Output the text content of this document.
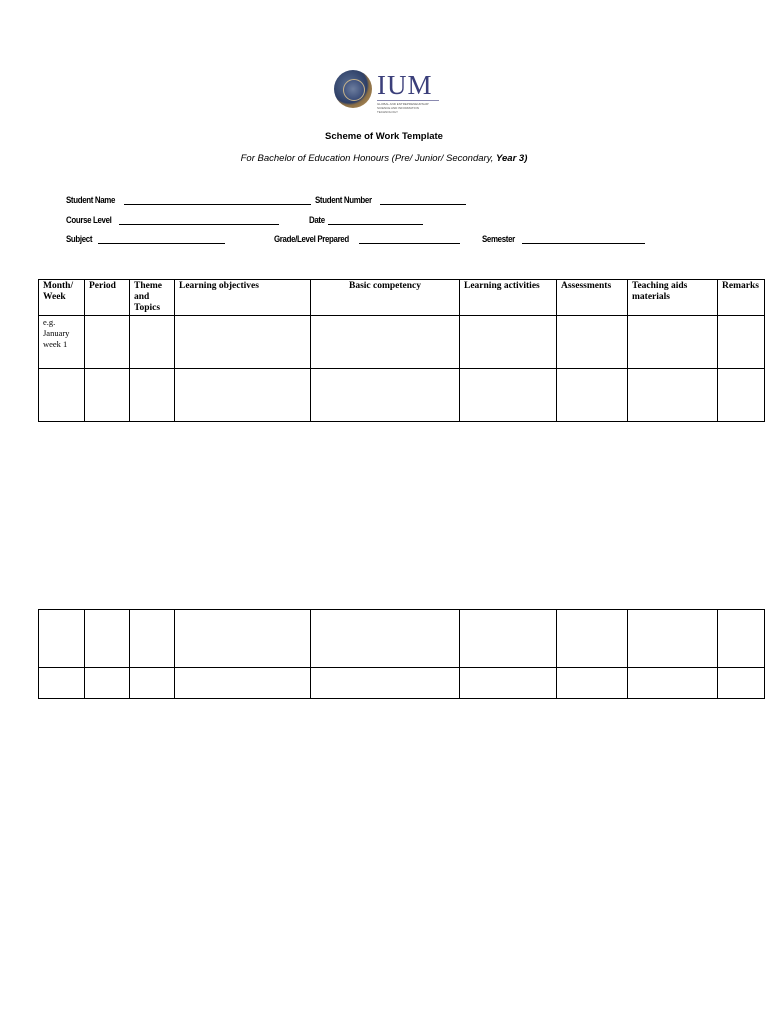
IUM
GLOBAL AND ENTREPRENEURSHIP SCIENCE AND INFORMATION TECHNOLOGY
Scheme of Work Template
For Bachelor of Education Honours (Pre/ Junior/ Secondary, Year 3)
Student Name	Student Number
Course Level	Date
Subject	Grade/Level Prepared	Semester
Month/ Week	Period	Theme and Topics	Learning objectives	Basic competency	Learning activities	Assessments	Teaching aids materials	Remarks
e.g. January week 1								
